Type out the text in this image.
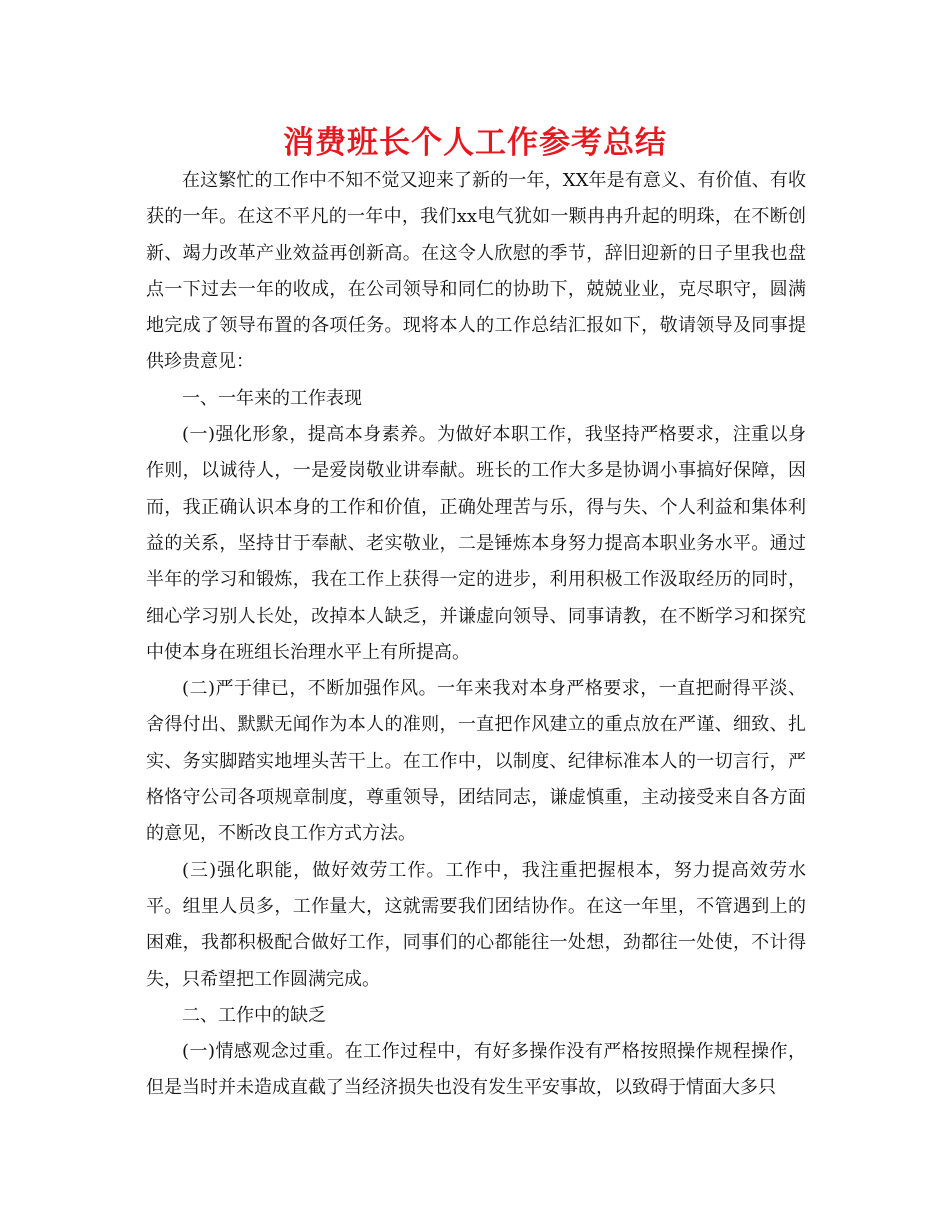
消费班长个人工作参考总结

在这繁忙的工作中不知不觉又迎来了新的一年，XX年是有意义、有价值、有收获的一年。在这不平凡的一年中，我们xx电气犹如一颗冉冉升起的明珠，在不断创新、竭力改革产业效益再创新高。在这令人欣慰的季节，辞旧迎新的日子里我也盘点一下过去一年的收成，在公司领导和同仁的协助下，兢兢业业，克尽职守，圆满地完成了领导布置的各项任务。现将本人的工作总结汇报如下，敬请领导及同事提供珍贵意见：

一、一年来的工作表现

(一)强化形象，提高本身素养。为做好本职工作，我坚持严格要求，注重以身作则，以诚待人，一是爱岗敬业讲奉献。班长的工作大多是协调小事搞好保障，因而，我正确认识本身的工作和价值，正确处理苦与乐，得与失、个人利益和集体利益的关系，坚持甘于奉献、老实敬业，二是锤炼本身努力提高本职业务水平。通过半年的学习和锻炼，我在工作上获得一定的进步，利用积极工作汲取经历的同时，细心学习别人长处，改掉本人缺乏，并谦虚向领导、同事请教，在不断学习和探究中使本身在班组长治理水平上有所提高。

(二)严于律已，不断加强作风。一年来我对本身严格要求，一直把耐得平淡、舍得付出、默默无闻作为本人的准则，一直把作风建立的重点放在严谨、细致、扎实、务实脚踏实地埋头苦干上。在工作中，以制度、纪律标准本人的一切言行，严格恪守公司各项规章制度，尊重领导，团结同志，谦虚慎重，主动接受来自各方面的意见，不断改良工作方式方法。

(三)强化职能，做好效劳工作。工作中，我注重把握根本，努力提高效劳水平。组里人员多，工作量大，这就需要我们团结协作。在这一年里，不管遇到上的困难，我都积极配合做好工作，同事们的心都能往一处想，劲都往一处使，不计得失，只希望把工作圆满完成。

二、工作中的缺乏

(一)情感观念过重。在工作过程中，有好多操作没有严格按照操作规程操作，但是当时并未造成直截了当经济损失也没有发生平安事故，以致碍于情面大多只
